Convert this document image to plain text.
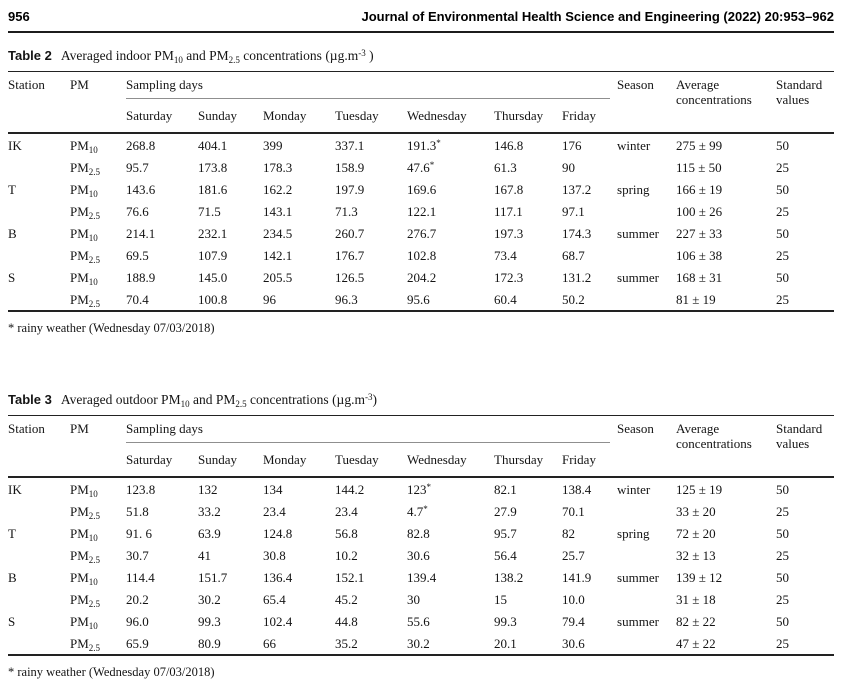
956	Journal of Environmental Health Science and Engineering (2022) 20:953–962
Table 2 Averaged indoor $PM_{10}$ and $PM_{2.5}$ concentrations ($\mu g.m^{-3}$ )
Station	PM	Sampling days							Season	Average concentrations	Standard values
		Saturday	Sunday	Monday	Tuesday	Wednesday	Thursday	Friday			
IK	$PM_{10}$	268.8	404.1	399	337.1	191.3*	146.8	176	winter	275 ± 99	50
	$PM_{2.5}$	95.7	173.8	178.3	158.9	47.6*	61.3	90		115 ± 50	25
T	$PM_{10}$	143.6	181.6	162.2	197.9	169.6	167.8	137.2	spring	166 ± 19	50
	$PM_{2.5}$	76.6	71.5	143.1	71.3	122.1	117.1	97.1		100 ± 26	25
B	$PM_{10}$	214.1	232.1	234.5	260.7	276.7	197.3	174.3	summer	227 ± 33	50
	$PM_{2.5}$	69.5	107.9	142.1	176.7	102.8	73.4	68.7		106 ± 38	25
S	$PM_{10}$	188.9	145.0	205.5	126.5	204.2	172.3	131.2	summer	168 ± 31	50
	$PM_{2.5}$	70.4	100.8	96	96.3	95.6	60.4	50.2		81 ± 19	25
* rainy weather (Wednesday 07/03/2018)
Table 3 Averaged outdoor $PM_{10}$ and $PM_{2.5}$ concentrations $(\mu g.m^{-3})$
Station	PM	Sampling days							Season	Average concentrations	Standard values
		Saturday	Sunday	Monday	Tuesday	Wednesday	Thursday	Friday			
IK	$PM_{10}$	123.8	132	134	144.2	123*	82.1	138.4	winter	125 ± 19	50
	$PM_{2.5}$	51.8	33.2	23.4	23.4	4.7*	27.9	70.1		33 ± 20	25
T	$PM_{10}$	91. 6	63.9	124.8	56.8	82.8	95.7	82	spring	72 ± 20	50
	$PM_{2.5}$	30.7	41	30.8	10.2	30.6	56.4	25.7		32 ± 13	25
B	$PM_{10}$	114.4	151.7	136.4	152.1	139.4	138.2	141.9	summer	139 ± 12	50
	$PM_{2.5}$	20.2	30.2	65.4	45.2	30	15	10.0		31 ± 18	25
S	$PM_{10}$	96.0	99.3	102.4	44.8	55.6	99.3	79.4	summer	82 ± 22	50
	$PM_{2.5}$	65.9	80.9	66	35.2	30.2	20.1	30.6		47 ± 22	25
* rainy weather (Wednesday 07/03/2018)
